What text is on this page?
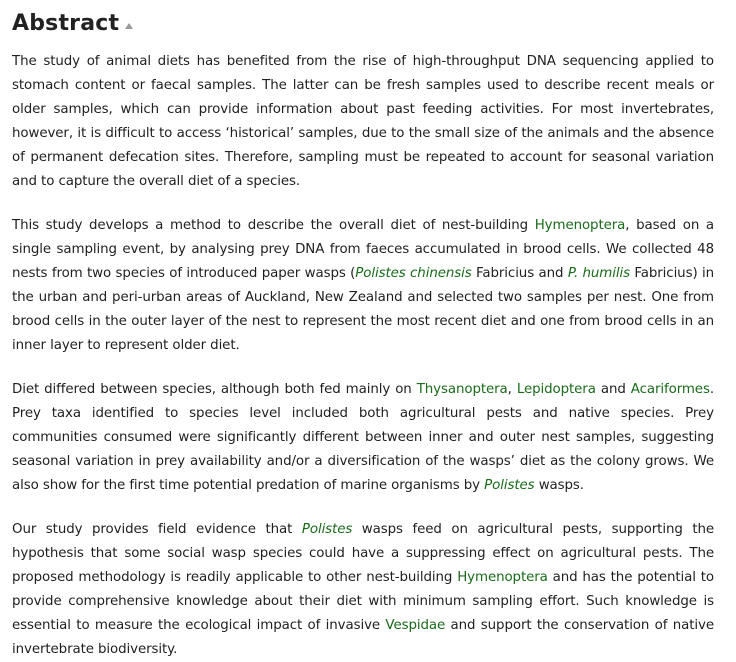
Abstract

The study of animal diets has benefited from the rise of high-throughput DNA sequencing applied to stomach content or faecal samples. The latter can be fresh samples used to describe recent meals or older samples, which can provide information about past feeding activities. For most invertebrates, however, it is difficult to access ‘historical’ samples, due to the small size of the animals and the absence of permanent defecation sites. Therefore, sampling must be repeated to account for seasonal variation and to capture the overall diet of a species.

This study develops a method to describe the overall diet of nest-building Hymenoptera, based on a single sampling event, by analysing prey DNA from faeces accumulated in brood cells. We collected 48 nests from two species of introduced paper wasps (Polistes chinensis Fabricius and P. humilis Fabricius) in the urban and peri-urban areas of Auckland, New Zealand and selected two samples per nest. One from brood cells in the outer layer of the nest to represent the most recent diet and one from brood cells in an inner layer to represent older diet.

Diet differed between species, although both fed mainly on Thysanoptera, Lepidoptera and Acariformes. Prey taxa identified to species level included both agricultural pests and native species. Prey communities consumed were significantly different between inner and outer nest samples, suggesting seasonal variation in prey availability and/or a diversification of the wasps’ diet as the colony grows. We also show for the first time potential predation of marine organisms by Polistes wasps.

Our study provides field evidence that Polistes wasps feed on agricultural pests, supporting the hypothesis that some social wasp species could have a suppressing effect on agricultural pests. The proposed methodology is readily applicable to other nest-building Hymenoptera and has the potential to provide comprehensive knowledge about their diet with minimum sampling effort. Such knowledge is essential to measure the ecological impact of invasive Vespidae and support the conservation of native invertebrate biodiversity.
